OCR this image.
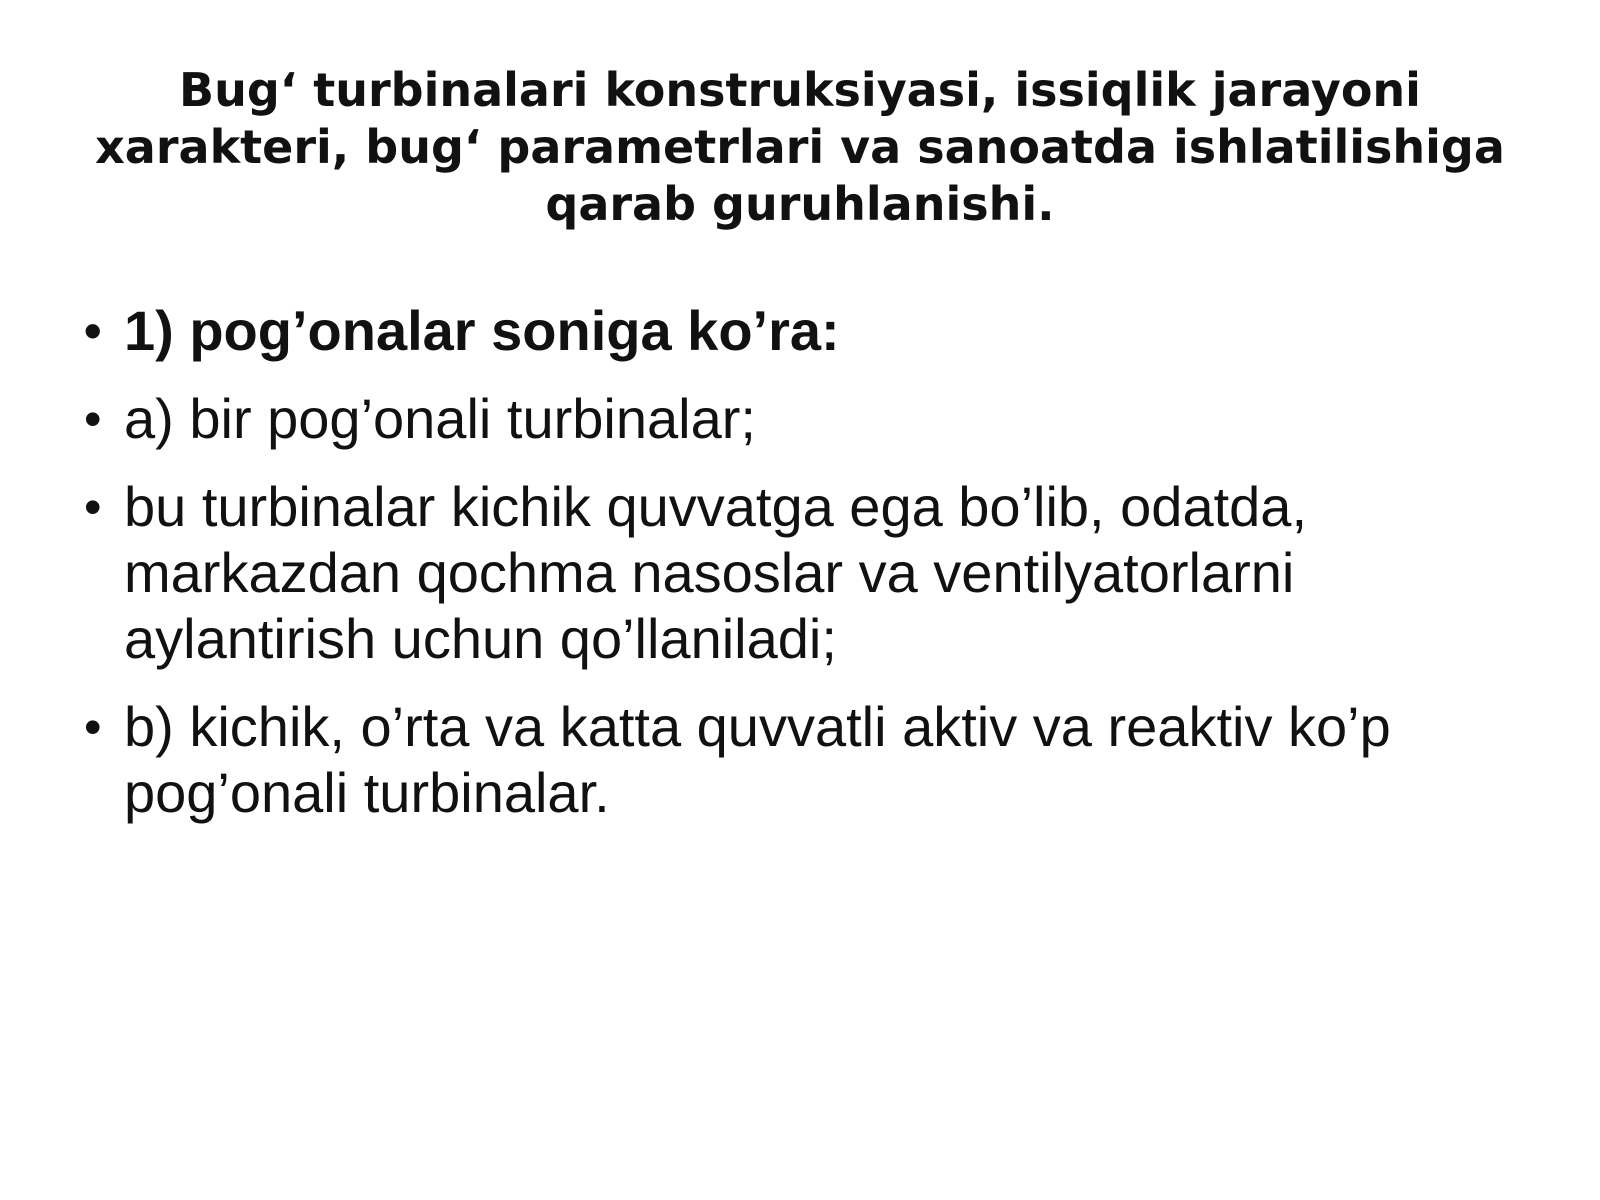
Bug‘ turbinalari konstruksiyasi, issiqlik jarayoni
xarakteri, bug‘ parametrlari va sanoatda ishlatilishiga
qarab guruhlanishi.
• 1) pog’onalar soniga ko’ra:
• a) bir pog’onali turbinalar;
• bu turbinalar kichik quvvatga ega bo’lib, odatda,
markazdan qochma nasoslar va ventilyatorlarni
aylantirish uchun qo’llaniladi;
• b) kichik, o’rta va katta quvvatli aktiv va reaktiv ko’p
pog’onali turbinalar.
